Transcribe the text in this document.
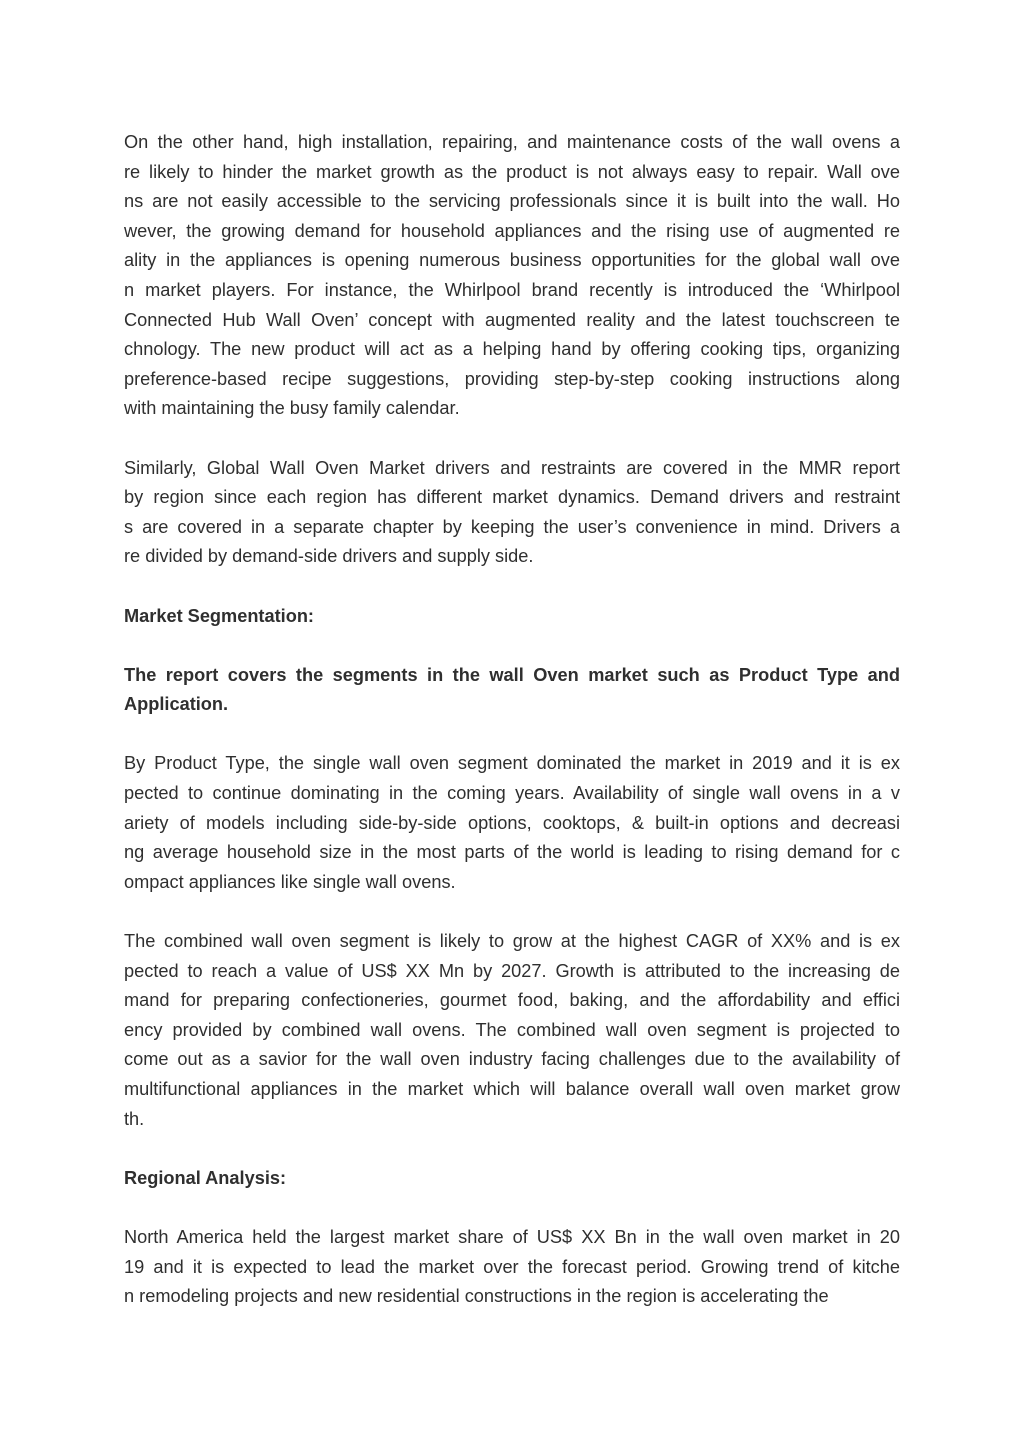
On the other hand, high installation, repairing, and maintenance costs of the wall ovens a
re likely to hinder the market growth as the product is not always easy to repair. Wall ove
ns are not easily accessible to the servicing professionals since it is built into the wall. Ho
wever, the growing demand for household appliances and the rising use of augmented re
ality in the appliances is opening numerous business opportunities for the global wall ove
n market players. For instance, the Whirlpool brand recently is introduced the ‘Whirlpool
Connected Hub Wall Oven’ concept with augmented reality and the latest touchscreen te
chnology. The new product will act as a helping hand by offering cooking tips, organizing
preference-based recipe suggestions, providing step-by-step cooking instructions along
with maintaining the busy family calendar.
Similarly, Global Wall Oven Market drivers and restraints are covered in the MMR report
by region since each region has different market dynamics. Demand drivers and restraint
s are covered in a separate chapter by keeping the user’s convenience in mind. Drivers a
re divided by demand-side drivers and supply side.
Market Segmentation:
The report covers the segments in the wall Oven market such as Product Type and
Application.
By Product Type, the single wall oven segment dominated the market in 2019 and it is ex
pected to continue dominating in the coming years. Availability of single wall ovens in a v
ariety of models including side-by-side options, cooktops, & built-in options and decreasi
ng average household size in the most parts of the world is leading to rising demand for c
ompact appliances like single wall ovens.
The combined wall oven segment is likely to grow at the highest CAGR of XX% and is ex
pected to reach a value of US$ XX Mn by 2027. Growth is attributed to the increasing de
mand for preparing confectioneries, gourmet food, baking, and the affordability and effici
ency provided by combined wall ovens. The combined wall oven segment is projected to
come out as a savior for the wall oven industry facing challenges due to the availability of
multifunctional appliances in the market which will balance overall wall oven market grow
th.
Regional Analysis:
North America held the largest market share of US$ XX Bn in the wall oven market in 20
19 and it is expected to lead the market over the forecast period. Growing trend of kitche
n remodeling projects and new residential constructions in the region is accelerating the
